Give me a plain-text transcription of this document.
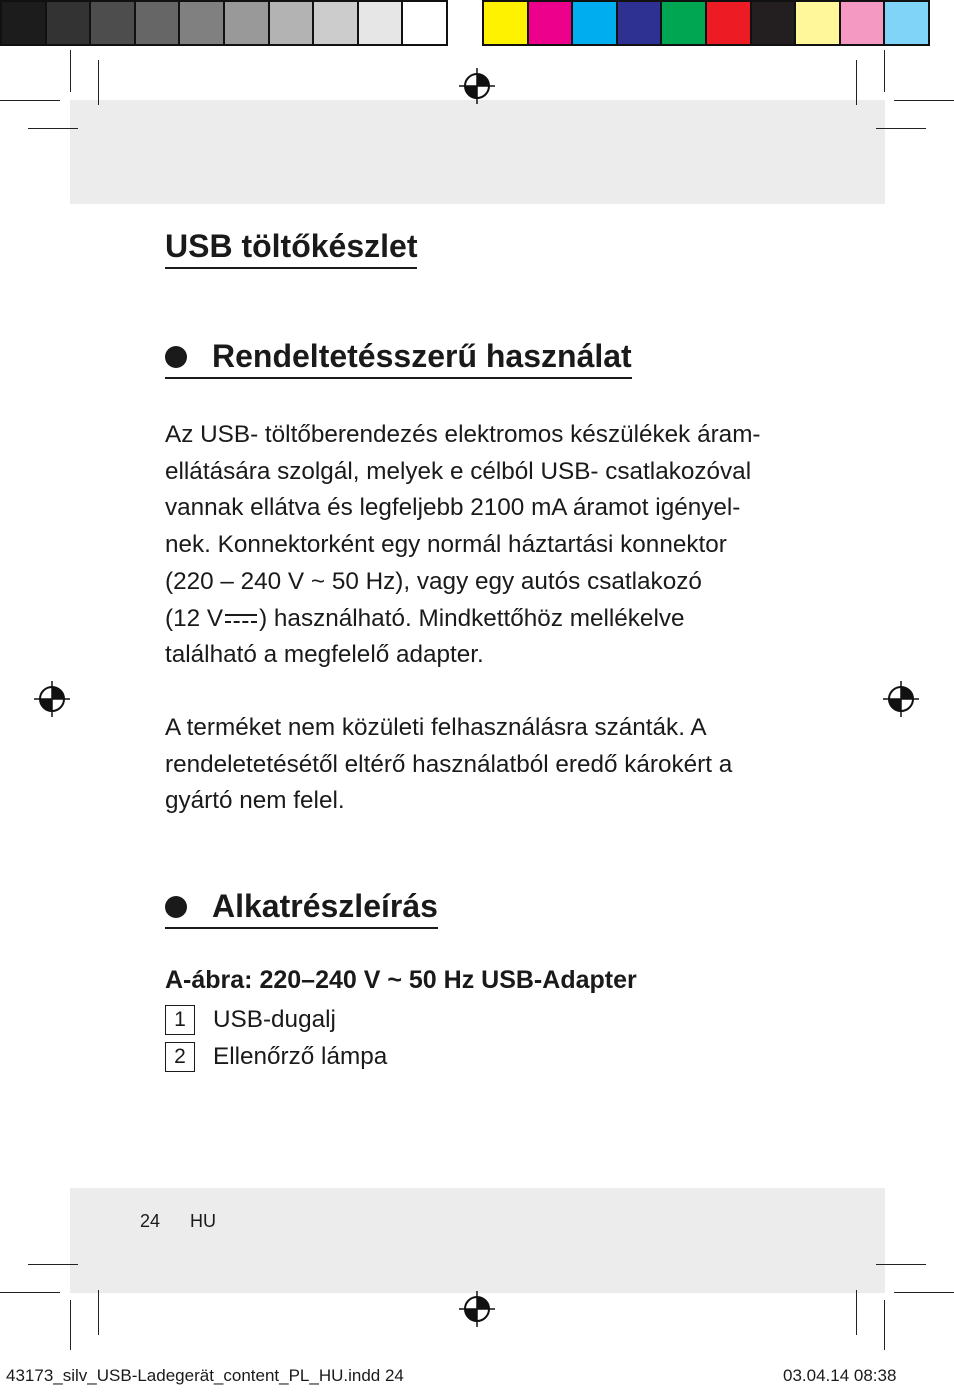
USB töltőkészlet
Rendeltetésszerű használat

Az USB- töltőberendezés elektromos készülékek áram-

ellátására szolgál, melyek e célból USB- csatlakozóval

vannak ellátva és legfeljebb 2100 mA áramot igényel-

nek. Konnektorként egy normál háztartási konnektor

(220 – 240 V ~ 50 Hz), vagy egy autós csatlakozó

(12 V ) használható. Mindkettőhöz mellékelve

található a megfelelő adapter.

A terméket nem közületi felhasználásra szánták. A

rendeletetésétől eltérő használatból eredő károkért a

gyártó nem felel.

Alkatrészleírás
A-ábra: 220–240 V ~ 50 Hz USB-Adapter
1	USB-dugalj
2	Ellenőrző lámpa
24 HU
43173_silv_USB-Ladegerät_content_PL_HU.indd 24	03.04.14 08:38
